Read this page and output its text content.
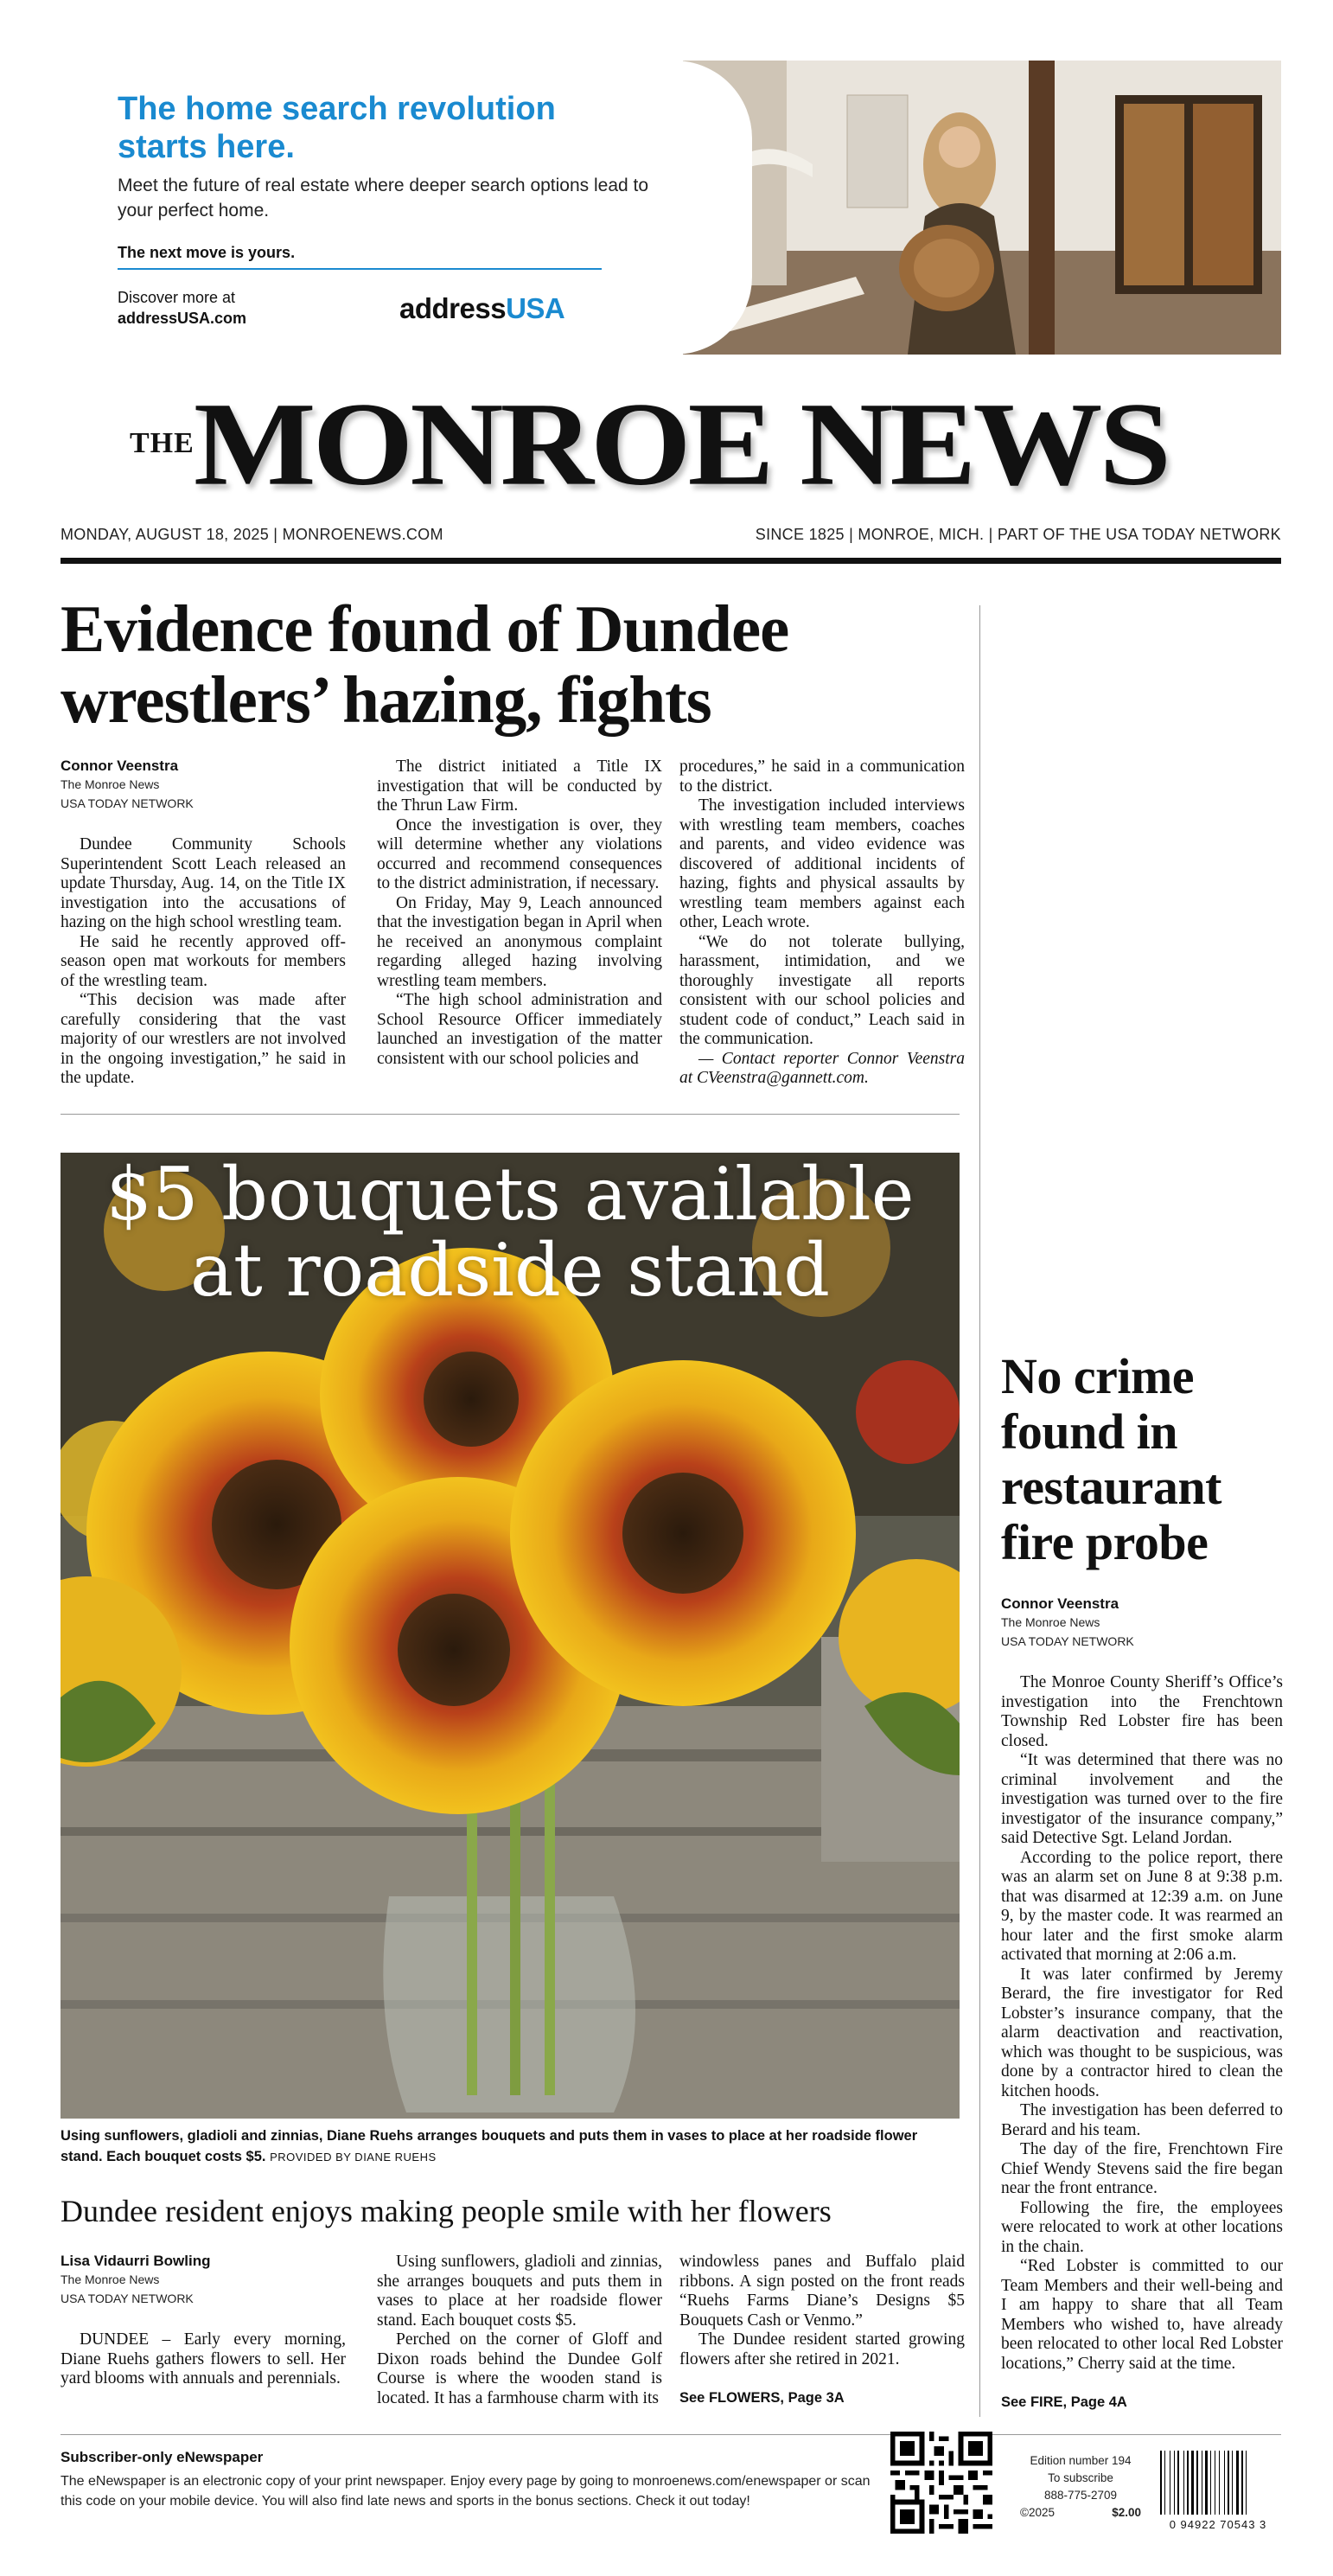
The home search revolution starts here.
Meet the future of real estate where deeper search options lead to your perfect home.
The next move is yours.
Discover more at
addressUSA.com	addressUSA
THE MONROE NEWS
MONDAY, AUGUST 18, 2025 | MONROENEWS.COM	SINCE 1825 | MONROE, MICH. | PART OF THE USA TODAY NETWORK
Evidence found of Dundee wrestlers’ hazing, fights
Connor Veenstra
The Monroe News
USA TODAY NETWORK

Dundee Community Schools Superintendent Scott Leach released an update Thursday, Aug. 14, on the Title IX investigation into the accusations of hazing on the high school wrestling team.

He said he recently approved off-season open mat workouts for members of the wrestling team.

“This decision was made after carefully considering that the vast majority of our wrestlers are not involved in the ongoing investigation,” he said in the update.

The district initiated a Title IX investigation that will be conducted by the Thrun Law Firm.

Once the investigation is over, they will determine whether any violations occurred and recommend consequences to the district administration, if necessary.

On Friday, May 9, Leach announced that the investigation began in April when he received an anonymous complaint regarding alleged hazing involving wrestling team members.

“The high school administration and School Resource Officer immediately launched an investigation of the matter consistent with our school policies and

procedures,” he said in a communication to the district.

The investigation included interviews with wrestling team members, coaches and parents, and video evidence was discovered of additional incidents of hazing, fights and physical assaults by wrestling team members against each other, Leach wrote.

“We do not tolerate bullying, harassment, intimidation, and we thoroughly investigate all reports consistent with our school policies and student code of conduct,” Leach said in the communication.

— Contact reporter Connor Veenstra at CVeenstra@gannett.com.

$5 bouquets available
at roadside stand
Using sunflowers, gladioli and zinnias, Diane Ruehs arranges bouquets and puts them in vases to place at her roadside flower stand. Each bouquet costs $5. PROVIDED BY DIANE RUEHS
Dundee resident enjoys making people smile with her flowers
Lisa Vidaurri Bowling
The Monroe News
USA TODAY NETWORK

DUNDEE – Early every morning, Diane Ruehs gathers flowers to sell. Her yard blooms with annuals and perennials.

Using sunflowers, gladioli and zinnias, she arranges bouquets and puts them in vases to place at her roadside flower stand. Each bouquet costs $5.

Perched on the corner of Gloff and Dixon roads behind the Dundee Golf Course is where the wooden stand is located. It has a farmhouse charm with its

windowless panes and Buffalo plaid ribbons. A sign posted on the front reads “Ruehs Farms Diane’s Designs $5 Bouquets Cash or Venmo.”

The Dundee resident started growing flowers after she retired in 2021.

See FLOWERS, Page 3A

No crime found in restaurant fire probe
Connor Veenstra
The Monroe News
USA TODAY NETWORK

The Monroe County Sheriff’s Office’s investigation into the Frenchtown Township Red Lobster fire has been closed.

“It was determined that there was no criminal involvement and the investigation was turned over to the fire investigator of the insurance company,” said Detective Sgt. Leland Jordan.

According to the police report, there was an alarm set on June 8 at 9:38 p.m. that was disarmed at 12:39 a.m. on June 9, by the master code. It was rearmed an hour later and the first smoke alarm activated that morning at 2:06 a.m.

It was later confirmed by Jeremy Berard, the fire investigator for Red Lobster’s insurance company, that the alarm deactivation and reactivation, which was thought to be suspicious, was done by a contractor hired to clean the kitchen hoods.

The investigation has been deferred to Berard and his team.

The day of the fire, Frenchtown Fire Chief Wendy Stevens said the fire began near the front entrance.

Following the fire, the employees were relocated to work at other locations in the chain.

“Red Lobster is committed to our Team Members and their well-being and I am happy to share that all Team Members who wished to, have already been relocated to other local Red Lobster locations,” Cherry said at the time.

See FIRE, Page 4A

Subscriber-only eNewspaper
The eNewspaper is an electronic copy of your print newspaper. Enjoy every page by going to monroenews.com/enewspaper or scan this code on your mobile device. You will also find late news and sports in the bonus sections. Check it out today!
Edition number 194
To subscribe
888-775-2709
©2025	$2.00
0 94922 70543 3
